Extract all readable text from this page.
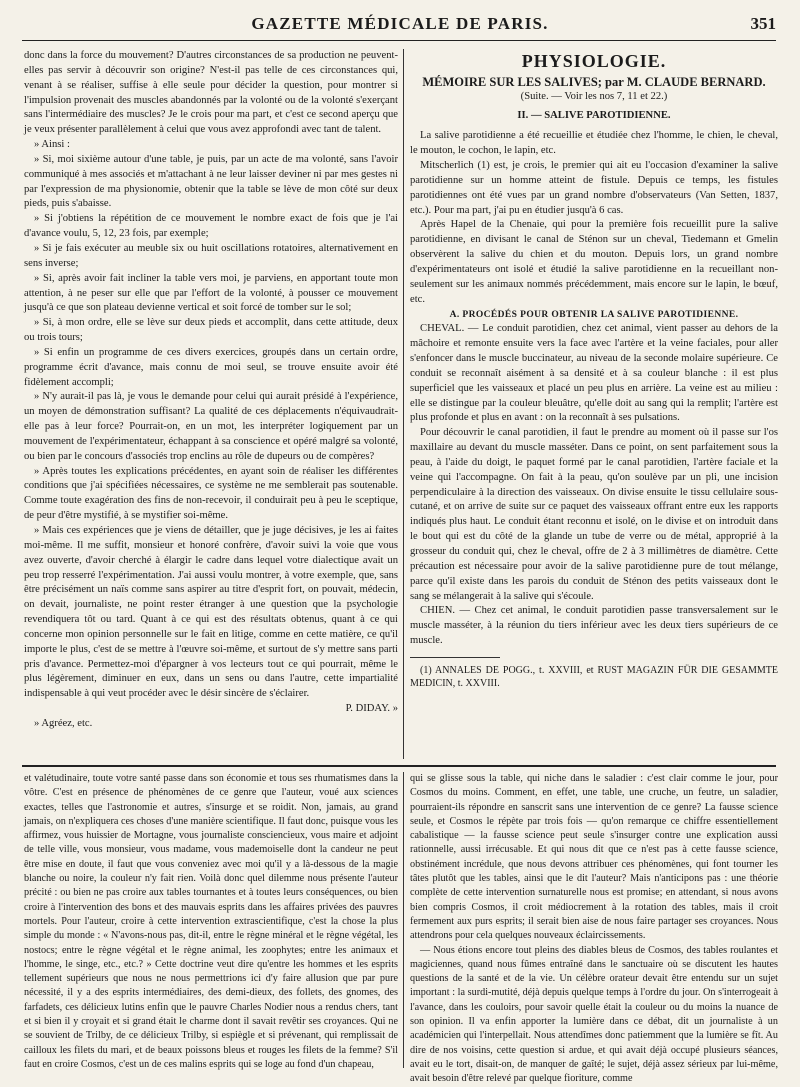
GAZETTE MÉDICALE DE PARIS.	351

donc dans la force du mouvement? D'autres circonstances de sa production ne peuvent-elles pas servir à découvrir son origine? N'est-il pas telle de ces circonstances qui, venant à se réaliser, suffise à elle seule pour décider la question, pour montrer si l'impulsion provenait des muscles abandonnés par la volonté ou de la volonté s'exerçant sans l'intermédiaire des muscles? Je le crois pour ma part, et c'est ce second aperçu que je veux présenter parallèlement à celui que vous avez approfondi avec tant de talent.

» Ainsi :

» Si, moi sixième autour d'une table, je puis, par un acte de ma volonté, sans l'avoir communiqué à mes associés et m'attachant à ne leur laisser deviner ni par mes gestes ni par l'expression de ma physionomie, obtenir que la table se lève de mon côté sur deux pieds, puis s'abaisse.

» Si j'obtiens la répétition de ce mouvement le nombre exact de fois que je l'ai d'avance voulu, 5, 12, 23 fois, par exemple;

» Si je fais exécuter au meuble six ou huit oscillations rotatoires, alternativement en sens inverse;

» Si, après avoir fait incliner la table vers moi, je parviens, en apportant toute mon attention, à ne peser sur elle que par l'effort de la volonté, à pousser ce mouvement jusqu'à ce que son plateau devienne vertical et soit forcé de tomber sur le sol;

» Si, à mon ordre, elle se lève sur deux pieds et accomplit, dans cette attitude, deux ou trois tours;

» Si enfin un programme de ces divers exercices, groupés dans un certain ordre, programme écrit d'avance, mais connu de moi seul, se trouve ensuite avoir été fidèlement accompli;

» N'y aurait-il pas là, je vous le demande pour celui qui aurait présidé à l'expérience, un moyen de démonstration suffisant? La qualité de ces déplacements n'équivaudrait-elle pas à leur force? Pourrait-on, en un mot, les interpréter logiquement par un mouvement de l'expérimentateur, échappant à sa conscience et opéré malgré sa volonté, ou bien par le concours d'associés trop enclins au rôle de dupeurs ou de compères?

» Après toutes les explications précédentes, en ayant soin de réaliser les différentes conditions que j'ai spécifiées nécessaires, ce système ne me semblerait pas soutenable. Comme toute exagération des fins de non-recevoir, il conduirait peu à peu le sceptique, de peur d'être mystifié, à se mystifier soi-même.

» Mais ces expériences que je viens de détailler, que je juge décisives, je les ai faites moi-même. Il me suffit, monsieur et honoré confrère, d'avoir suivi la voie que vous avez ouverte, d'avoir cherché à élargir le cadre dans lequel votre dialectique avait un peu trop resserré l'expérimentation. J'ai aussi voulu montrer, à votre exemple, que, sans être précisément un naïs comme sans aspirer au titre d'esprit fort, on pouvait, médecin, on devait, journaliste, ne point rester étranger à une question que la psychologie revendiquera tôt ou tard. Quant à ce qui est des résultats obtenus, quant à ce qui concerne mon opinion personnelle sur le fait en litige, comme en cette matière, ce qu'il importe le plus, c'est de se mettre à l'œuvre soi-même, et surtout de s'y mettre sans parti pris d'avance. Permettez-moi d'épargner à vos lecteurs tout ce qui pourrait, même le plus légèrement, diminuer en eux, dans un sens ou dans l'autre, cette impartialité indispensable à qui veut procéder avec le désir sincère de s'éclairer.

P. DIDAY. »

» Agréez, etc.

PHYSIOLOGIE.

MÉMOIRE SUR LES SALIVES; par M. CLAUDE BERNARD.

(Suite. — Voir les nos 7, 11 et 22.)

II. — SALIVE PAROTIDIENNE.

La salive parotidienne a été recueillie et étudiée chez l'homme, le chien, le cheval, le mouton, le cochon, le lapin, etc.

Mitscherlich (1) est, je crois, le premier qui ait eu l'occasion d'examiner la salive parotidienne sur un homme atteint de fistule. Depuis ce temps, les fistules parotidiennes ont été vues par un grand nombre d'observateurs (Van Setten, 1837, etc.). Pour ma part, j'ai pu en étudier jusqu'à 6 cas.

Après Hapel de la Chenaie, qui pour la première fois recueillit pure la salive parotidienne, en divisant le canal de Sténon sur un cheval, Tiedemann et Gmelin observèrent la salive du chien et du mouton. Depuis lors, un grand nombre d'expérimentateurs ont isolé et étudié la salive parotidienne en la recueillant non-seulement sur les animaux nommés précédemment, mais encore sur le lapin, le bœuf, etc.

A. PROCÉDÉS POUR OBTENIR LA SALIVE PAROTIDIENNE.

CHEVAL. — Le conduit parotidien, chez cet animal, vient passer au dehors de la mâchoire et remonte ensuite vers la face avec l'artère et la veine faciales, pour aller s'enfoncer dans le muscle buccinateur, au niveau de la seconde molaire supérieure. Ce conduit se reconnaît aisément à sa densité et à sa couleur blanche : il est plus superficiel que les vaisseaux et placé un peu plus en arrière. La veine est au milieu : elle se distingue par la couleur bleuâtre, qu'elle doit au sang qui la remplit; l'artère est plus profonde et plus en avant : on la reconnaît à ses pulsations.

Pour découvrir le canal parotidien, il faut le prendre au moment où il passe sur l'os maxillaire au devant du muscle masséter. Dans ce point, on sent parfaitement sous la peau, à l'aide du doigt, le paquet formé par le canal parotidien, l'artère faciale et la veine qui l'accompagne. On fait à la peau, qu'on soulève par un pli, une incision perpendiculaire à la direction des vaisseaux. On divise ensuite le tissu cellulaire sous-cutané, et on arrive de suite sur ce paquet des vaisseaux offrant entre eux les rapports indiqués plus haut. Le conduit étant reconnu et isolé, on le divise et on introduit dans le bout qui est du côté de la glande un tube de verre ou de métal, approprié à la grosseur du conduit qui, chez le cheval, offre de 2 à 3 millimètres de diamètre. Cette précaution est nécessaire pour avoir de la salive parotidienne pure de tout mélange, parce qu'il existe dans les parois du conduit de Sténon des petits vaisseaux dont le sang se mélangerait à la salive qui s'écoule.

CHIEN. — Chez cet animal, le conduit parotidien passe transversalement sur le muscle masséter, à la réunion du tiers inférieur avec les deux tiers supérieurs de ce muscle.

(1) ANNALES DE POGG., t. XXVIII, et RUST MAGAZIN FÜR DIE GESAMMTE MEDICIN, t. XXVIII.

et valétudinaire, toute votre santé passe dans son économie et tous ses rhumatismes dans la vôtre. C'est en présence de phénomènes de ce genre que l'auteur, voué aux sciences exactes, telles que l'astronomie et autres, s'insurge et se roidit. Non, jamais, au grand jamais, on n'expliquera ces choses d'une manière scientifique. Il faut donc, puisque vous les affirmez, vous huissier de Mortagne, vous journaliste consciencieux, vous maire et adjoint de telle ville, vous monsieur, vous madame, vous mademoiselle dont la candeur ne peut être mise en doute, il faut que vous conveniez avec moi qu'il y a là-dessous de la magie blanche ou noire, la couleur n'y fait rien. Voilà donc quel dilemme nous présente l'auteur précité : ou bien ne pas croire aux tables tournantes et à toutes leurs conséquences, ou bien croire à l'intervention des bons et des mauvais esprits dans les affaires privées des pauvres mortels. Pour l'auteur, croire à cette intervention extrascientifique, c'est la chose la plus simple du monde : « N'avons-nous pas, dit-il, entre le règne minéral et le règne végétal, les nostocs; entre le règne végétal et le règne animal, les zoophytes; entre les animaux et l'homme, le singe, etc., etc.? » Cette doctrine veut dire qu'entre les hommes et les esprits tellement supérieurs que nous ne nous permettrions ici d'y faire allusion que par pure nécessité, il y a des esprits intermédiaires, des demi-dieux, des follets, des gnomes, des farfadets, ces délicieux lutins enfin que le pauvre Charles Nodier nous a rendus chers, tant et si bien il y croyait et si grand était le charme dont il savait revêtir ses croyances. Qui ne se souvient de Trilby, de ce délicieux Trilby, si espiègle et si prévenant, qui remplissait de cailloux les filets du mari, et de beaux poissons bleus et rouges les filets de la femme? S'il faut en croire Cosmos, c'est un de ces malins esprits qui se loge au fond d'un chapeau,

qui se glisse sous la table, qui niche dans le saladier : c'est clair comme le jour, pour Cosmos du moins. Comment, en effet, une table, une cruche, un feutre, un saladier, pourraient-ils répondre en sanscrit sans une intervention de ce genre? La fausse science seule, et Cosmos le répète par trois fois — qu'on remarque ce chiffre essentiellement cabalistique — la fausse science peut seule s'insurger contre une explication aussi rationnelle, aussi irrécusable. Et qui nous dit que ce n'est pas à cette fausse science, obstinément incrédule, que nous devons attribuer ces phénomènes, qui font tourner les tâtes plutôt que les tables, ainsi que le dit l'auteur? Mais n'anticipons pas : une théorie complète de cette intervention surnaturelle nous est promise; en attendant, si nous avons bien compris Cosmos, il croit médiocrement à la rotation des tables, mais il croit fermement aux purs esprits; il serait bien aise de nous faire partager ses croyances. Nous attendrons pour cela quelques nouveaux éclaircissements.

— Nous étions encore tout pleins des diables bleus de Cosmos, des tables roulantes et magiciennes, quand nous fûmes entraîné dans le sanctuaire où se discutent les hautes questions de la santé et de la vie. Un célèbre orateur devait être entendu sur un sujet important : la surdi-mutité, déjà depuis quelque temps à l'ordre du jour. On s'interrogeait à l'avance, dans les couloirs, pour savoir quelle était la couleur ou du moins la nuance de son opinion. Il va enfin apporter la lumière dans ce débat, dit un journaliste à un académicien qui l'interpellait. Nous attendîmes donc patiemment que la lumière se fît. Au dire de nos voisins, cette question si ardue, et qui avait déjà occupé plusieurs séances, avait eu le tort, disait-on, de manquer de gaîté; le sujet, déjà assez sérieux par lui-même, avait besoin d'être relevé par quelque fioriture, comme
